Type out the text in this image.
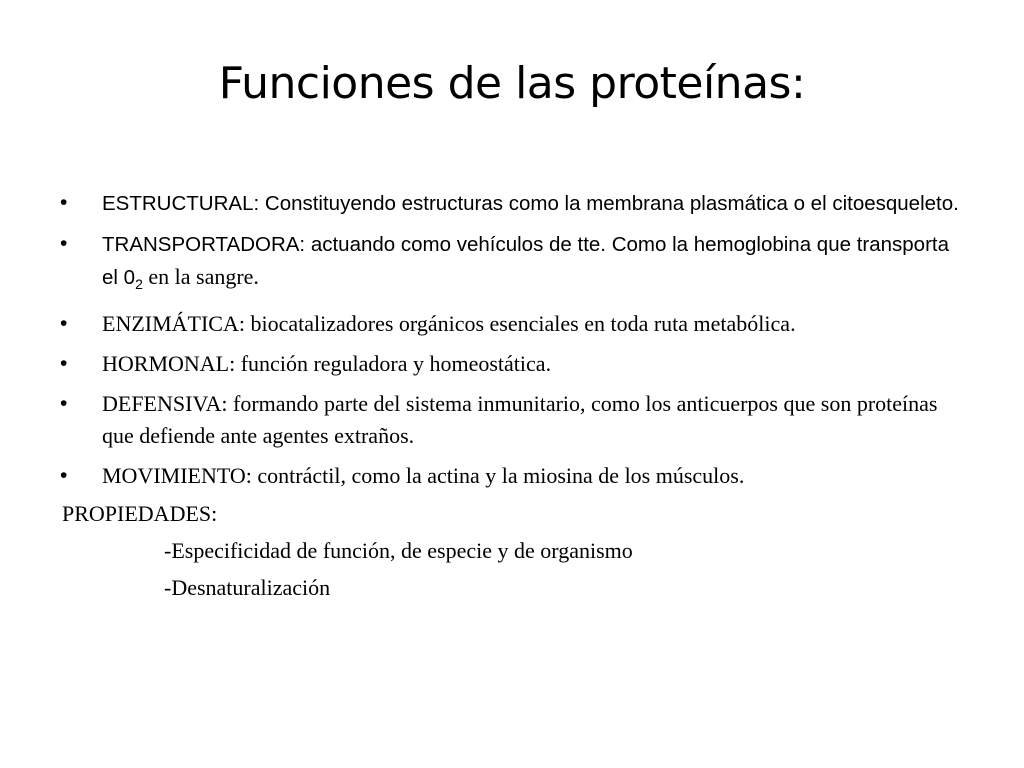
Funciones de las proteínas:
• ESTRUCTURAL: Constituyendo estructuras como la membrana plasmática o el citoesqueleto.
• TRANSPORTADORA: actuando como vehículos de tte. Como la hemoglobina que transporta el $0_2$ en la sangre.
• ENZIMÁTICA: biocatalizadores orgánicos esenciales en toda ruta metabólica.
• HORMONAL: función reguladora y homeostática.
• DEFENSIVA: formando parte del sistema inmunitario, como los anticuerpos que son proteínas que defiende ante agentes extraños.
• MOVIMIENTO: contráctil, como la actina y la miosina de los músculos.

PROPIEDADES:

-Especificidad de función, de especie y de organismo

-Desnaturalización
